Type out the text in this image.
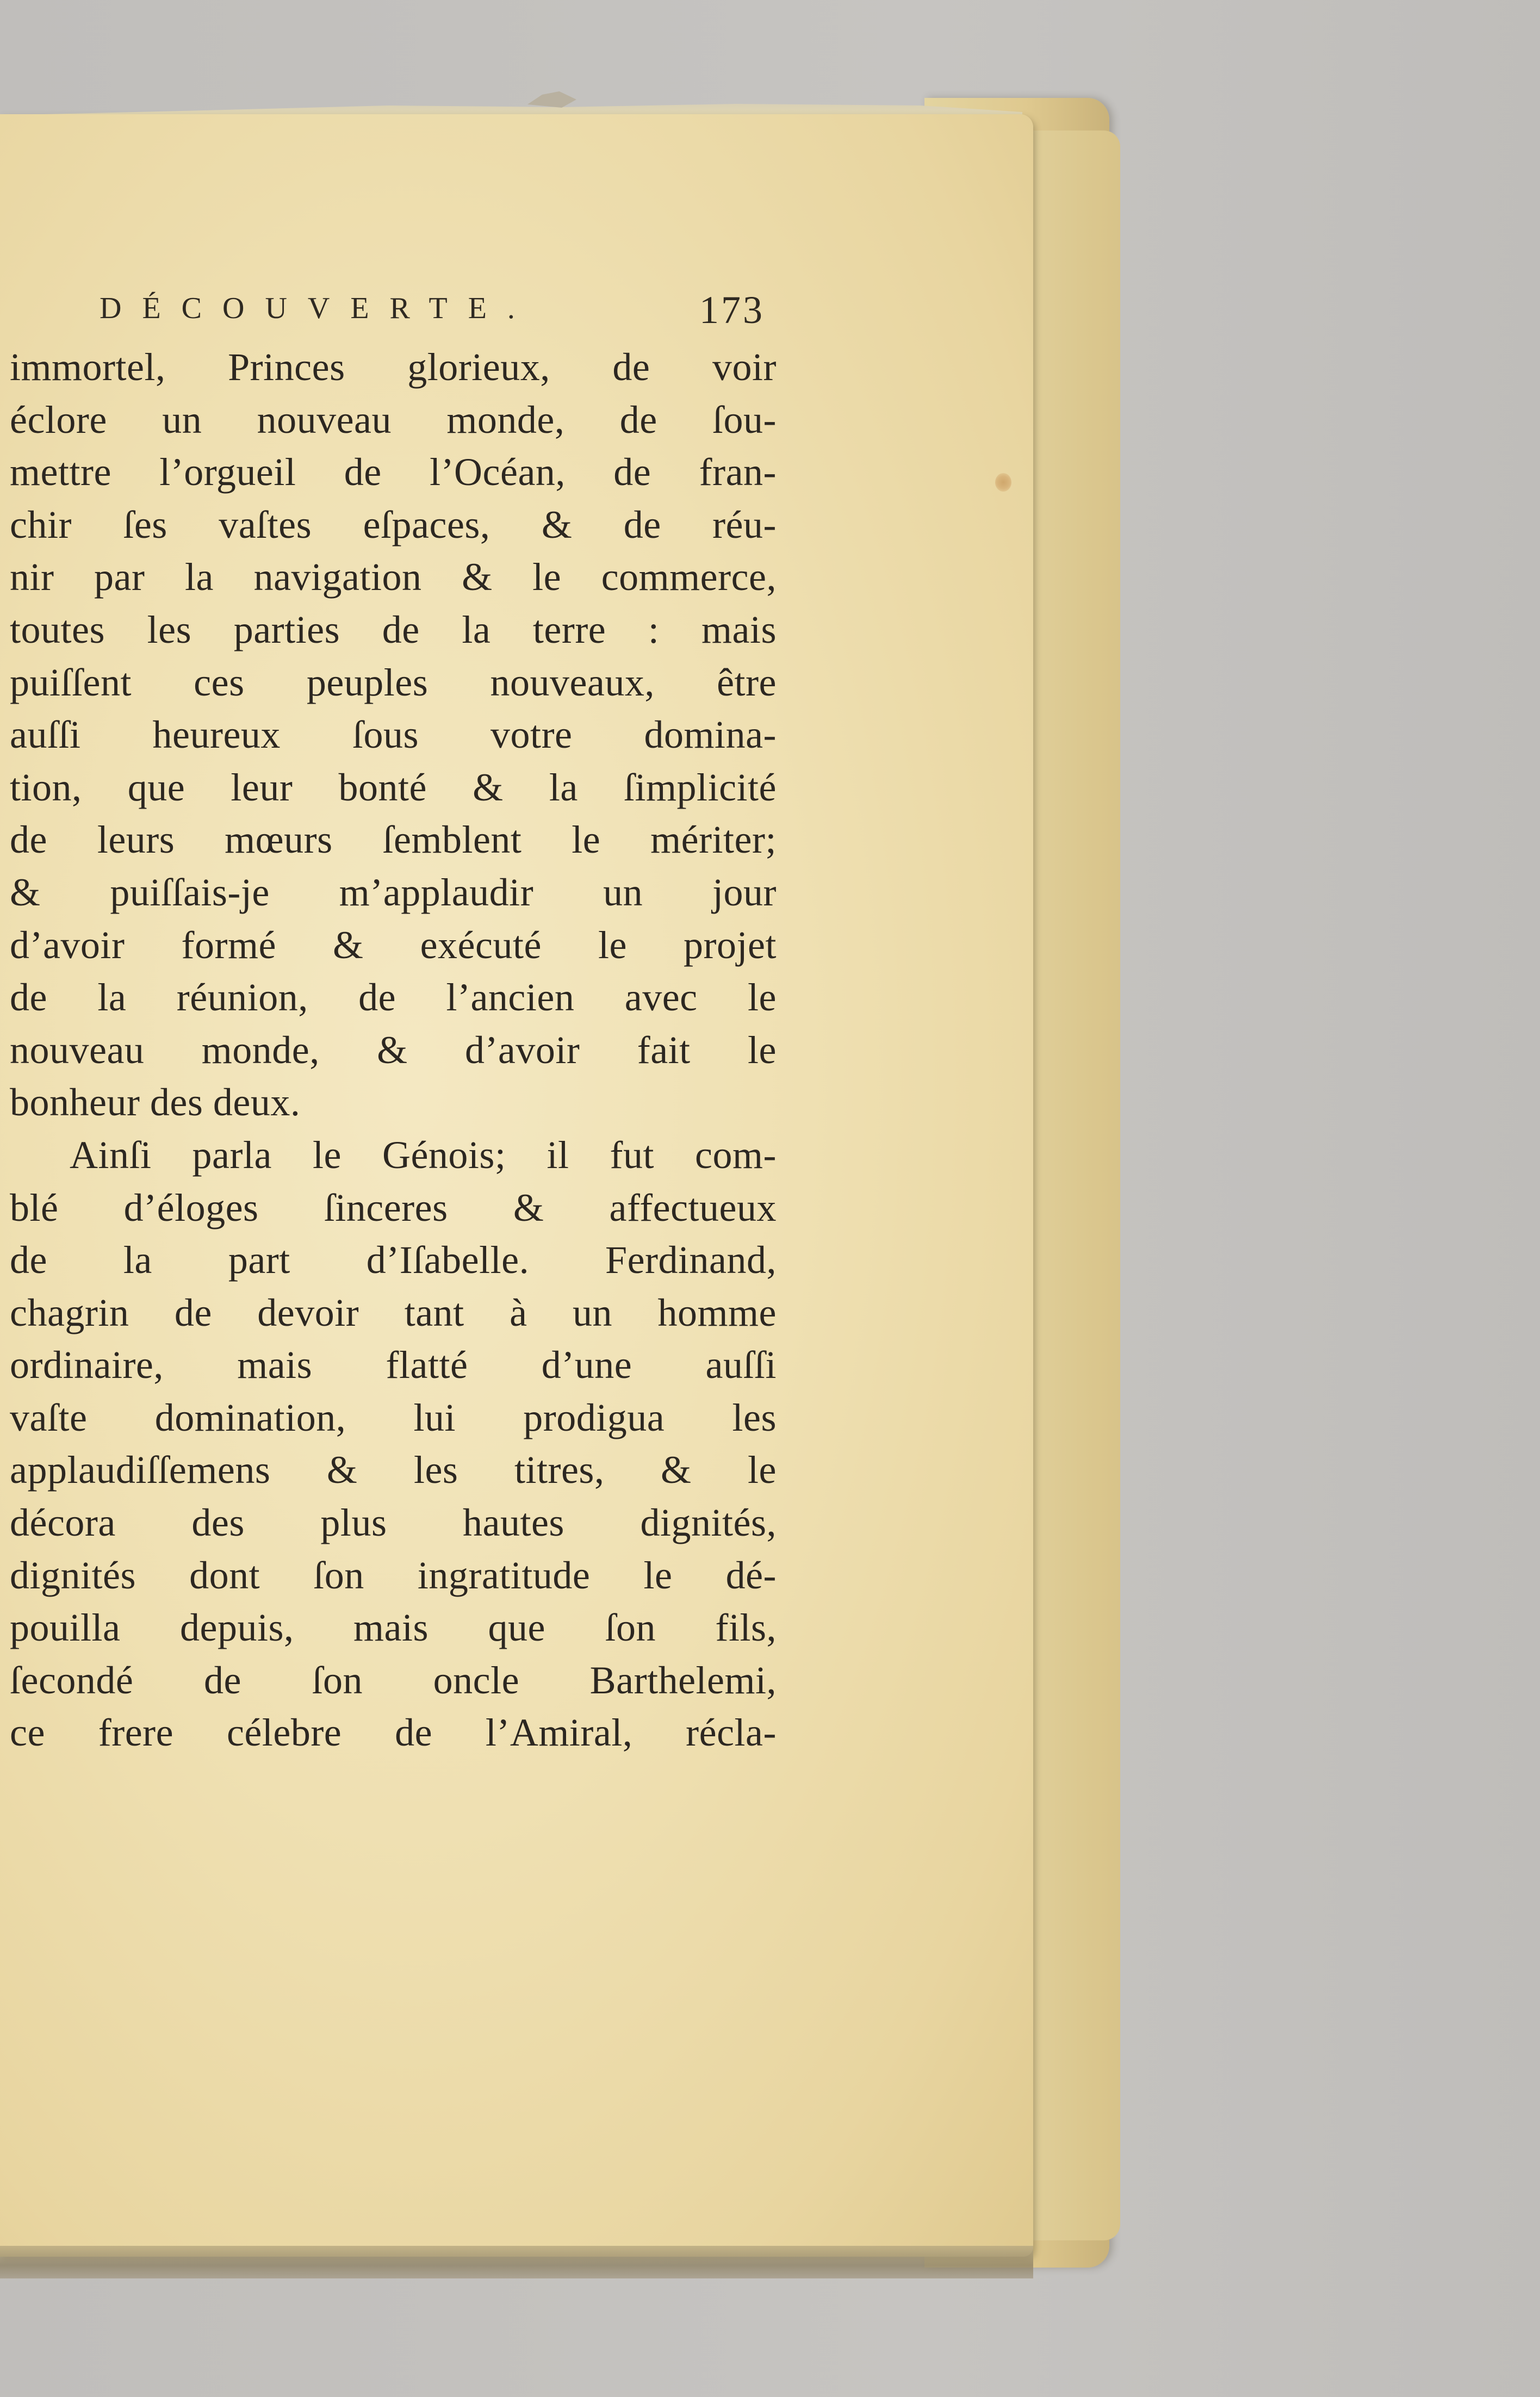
DÉCOUVERTE.	173
immortel, Princes glorieux, de voir
éclore un nouveau monde, de ſou-
mettre l’orgueil de l’Océan, de fran-
chir ſes vaſtes eſpaces, & de réu-
nir par la navigation & le commerce,
toutes les parties de la terre : mais
puiſſent ces peuples nouveaux, être
auſſi heureux ſous votre domina-
tion, que leur bonté & la ſimplicité
de leurs mœurs ſemblent le mériter;
& puiſſais-je m’applaudir un jour
d’avoir formé & exécuté le projet
de la réunion, de l’ancien avec le
nouveau monde, & d’avoir fait le
bonheur des deux.
Ainſi parla le Génois; il fut com-
blé d’éloges ſinceres & affectueux
de la part d’Iſabelle. Ferdinand,
chagrin de devoir tant à un homme
ordinaire, mais flatté d’une auſſi
vaſte domination, lui prodigua les
applaudiſſemens & les titres, & le
décora des plus hautes dignités,
dignités dont ſon ingratitude le dé-
pouilla depuis, mais que ſon fils,
ſecondé de ſon oncle Barthelemi,
ce frere célebre de l’Amiral, récla-
